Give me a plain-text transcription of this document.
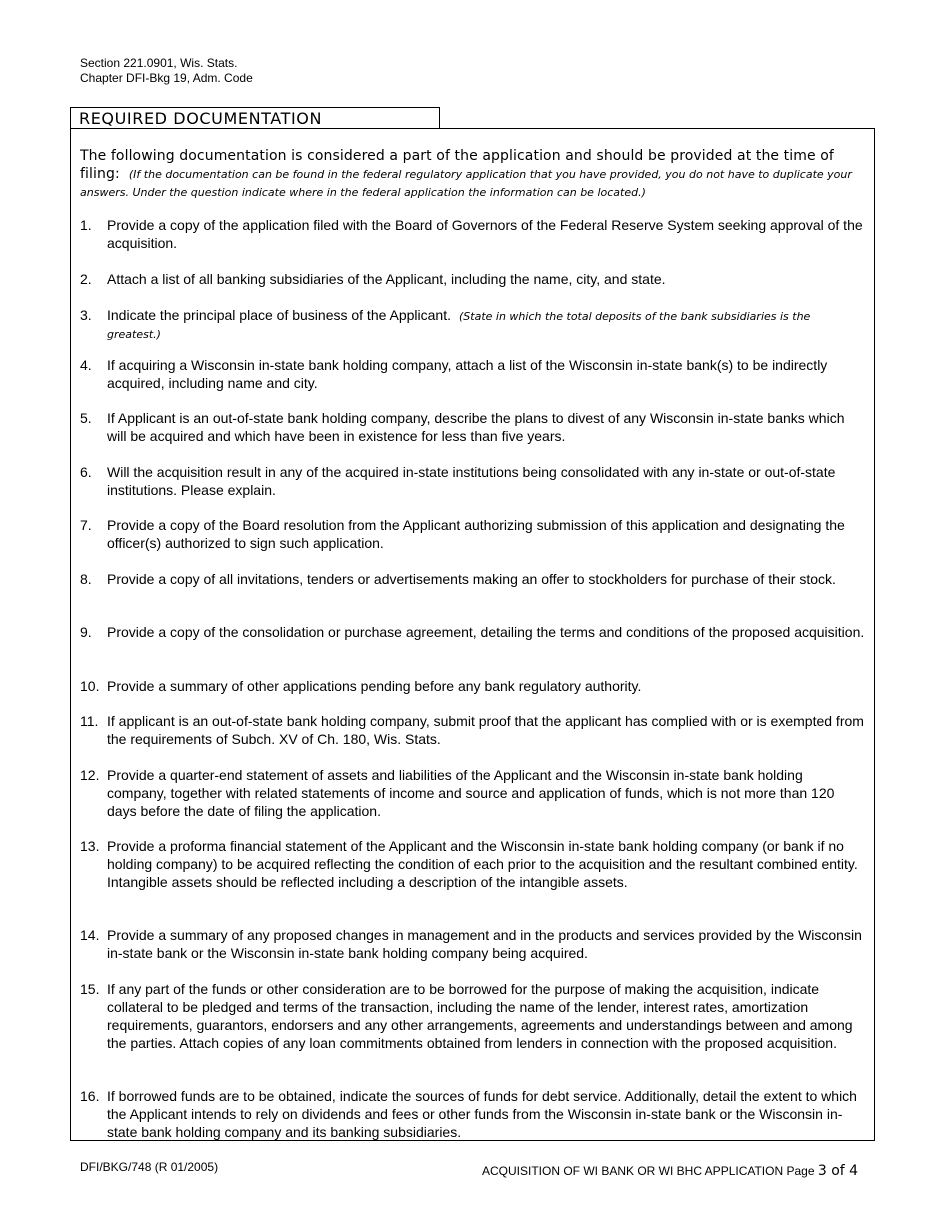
Section 221.0901, Wis. Stats.
Chapter DFI-Bkg 19, Adm. Code
REQUIRED DOCUMENTATION
The following documentation is considered a part of the application and should be provided at the time of filing: (If the documentation can be found in the federal regulatory application that you have provided, you do not have to duplicate your answers. Under the question indicate where in the federal application the information can be located.)
1. Provide a copy of the application filed with the Board of Governors of the Federal Reserve System seeking approval of the acquisition.
2. Attach a list of all banking subsidiaries of the Applicant, including the name, city, and state.
3. Indicate the principal place of business of the Applicant. (State in which the total deposits of the bank subsidiaries is the greatest.)
4. If acquiring a Wisconsin in-state bank holding company, attach a list of the Wisconsin in-state bank(s) to be indirectly acquired, including name and city.
5. If Applicant is an out-of-state bank holding company, describe the plans to divest of any Wisconsin in-state banks which will be acquired and which have been in existence for less than five years.
6. Will the acquisition result in any of the acquired in-state institutions being consolidated with any in-state or out-of-state institutions. Please explain.
7. Provide a copy of the Board resolution from the Applicant authorizing submission of this application and designating the officer(s) authorized to sign such application.
8. Provide a copy of all invitations, tenders or advertisements making an offer to stockholders for purchase of their stock.
9. Provide a copy of the consolidation or purchase agreement, detailing the terms and conditions of the proposed acquisition.
10. Provide a summary of other applications pending before any bank regulatory authority.
11. If applicant is an out-of-state bank holding company, submit proof that the applicant has complied with or is exempted from the requirements of Subch. XV of Ch. 180, Wis. Stats.
12. Provide a quarter-end statement of assets and liabilities of the Applicant and the Wisconsin in-state bank holding company, together with related statements of income and source and application of funds, which is not more than 120 days before the date of filing the application.
13. Provide a proforma financial statement of the Applicant and the Wisconsin in-state bank holding company (or bank if no holding company) to be acquired reflecting the condition of each prior to the acquisition and the resultant combined entity. Intangible assets should be reflected including a description of the intangible assets.
14. Provide a summary of any proposed changes in management and in the products and services provided by the Wisconsin in-state bank or the Wisconsin in-state bank holding company being acquired.
15. If any part of the funds or other consideration are to be borrowed for the purpose of making the acquisition, indicate collateral to be pledged and terms of the transaction, including the name of the lender, interest rates, amortization requirements, guarantors, endorsers and any other arrangements, agreements and understandings between and among the parties. Attach copies of any loan commitments obtained from lenders in connection with the proposed acquisition.
16. If borrowed funds are to be obtained, indicate the sources of funds for debt service. Additionally, detail the extent to which the Applicant intends to rely on dividends and fees or other funds from the Wisconsin in-state bank or the Wisconsin in-state bank holding company and its banking subsidiaries.
DFI/BKG/748 (R 01/2005)	ACQUISITION OF WI BANK OR WI BHC APPLICATION Page 3 of 4
